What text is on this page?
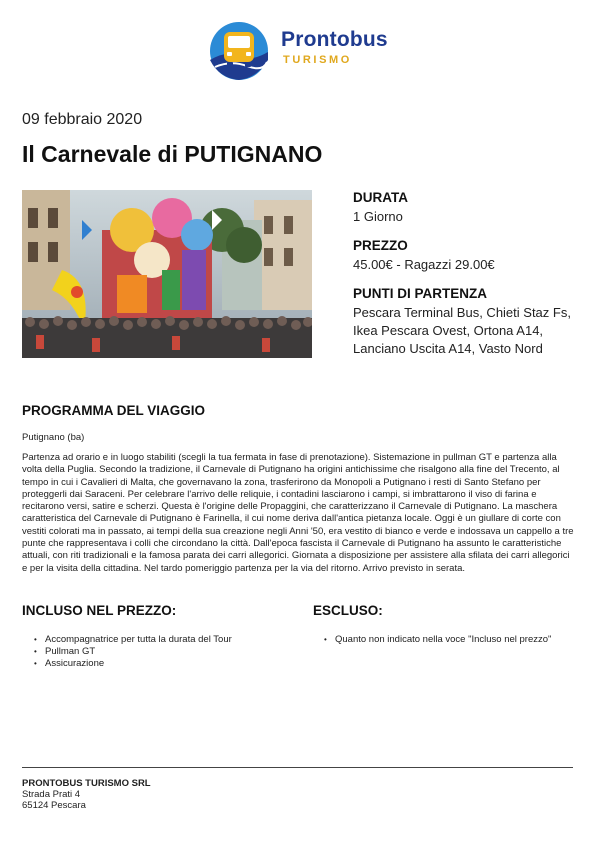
Prontobus
TURISMO
09 febbraio 2020
Il Carnevale di PUTIGNANO

DURATA

1 Giorno

PREZZO

45.00€ - Ragazzi 29.00€

PUNTI DI PARTENZA

Pescara Terminal Bus, Chieti Staz Fs, Ikea Pescara Ovest, Ortona A14, Lanciano Uscita A14, Vasto Nord

PROGRAMMA DEL VIAGGIO
Putignano (ba)

Partenza ad orario e in luogo stabiliti (scegli la tua fermata in fase di prenotazione). Sistemazione in pullman GT e partenza alla volta della Puglia. Secondo la tradizione, il Carnevale di Putignano ha origini antichissime che risalgono alla fine del Trecento, al tempo in cui i Cavalieri di Malta, che governavano la zona, trasferirono da Monopoli a Putignano i resti di Santo Stefano per proteggerli dai Saraceni. Per celebrare l'arrivo delle reliquie, i contadini lasciarono i campi, si imbrattarono il viso di farina e recitarono versi, satire e scherzi. Questa è l'origine delle Propaggini, che caratterizzano il Carnevale di Putignano. La maschera caratteristica del Carnevale di Putignano è Farinella, il cui nome deriva dall'antica pietanza locale. Oggi è un giullare di corte con vestiti colorati ma in passato, ai tempi della sua creazione negli Anni '50, era vestito di bianco e verde e indossava un cappello a tre punte che rappresentava i colli che circondano la città. Dall'epoca fascista il Carnevale di Putignano ha assunto le caratteristiche attuali, con riti tradizionali e la famosa parata dei carri allegorici. Giornata a disposizione per assistere alla sfilata dei carri allegorici e per la visita della cittadina. Nel tardo pomeriggio partenza per la via del ritorno. Arrivo previsto in serata.

INCLUSO NEL PREZZO:
• Accompagnatrice per tutta la durata del Tour
• Pullman GT
• Assicurazione
ESCLUSO:
• Quanto non indicato nella voce "Incluso nel prezzo"
PRONTOBUS TURISMO SRL
Strada Prati 4
65124 Pescara
